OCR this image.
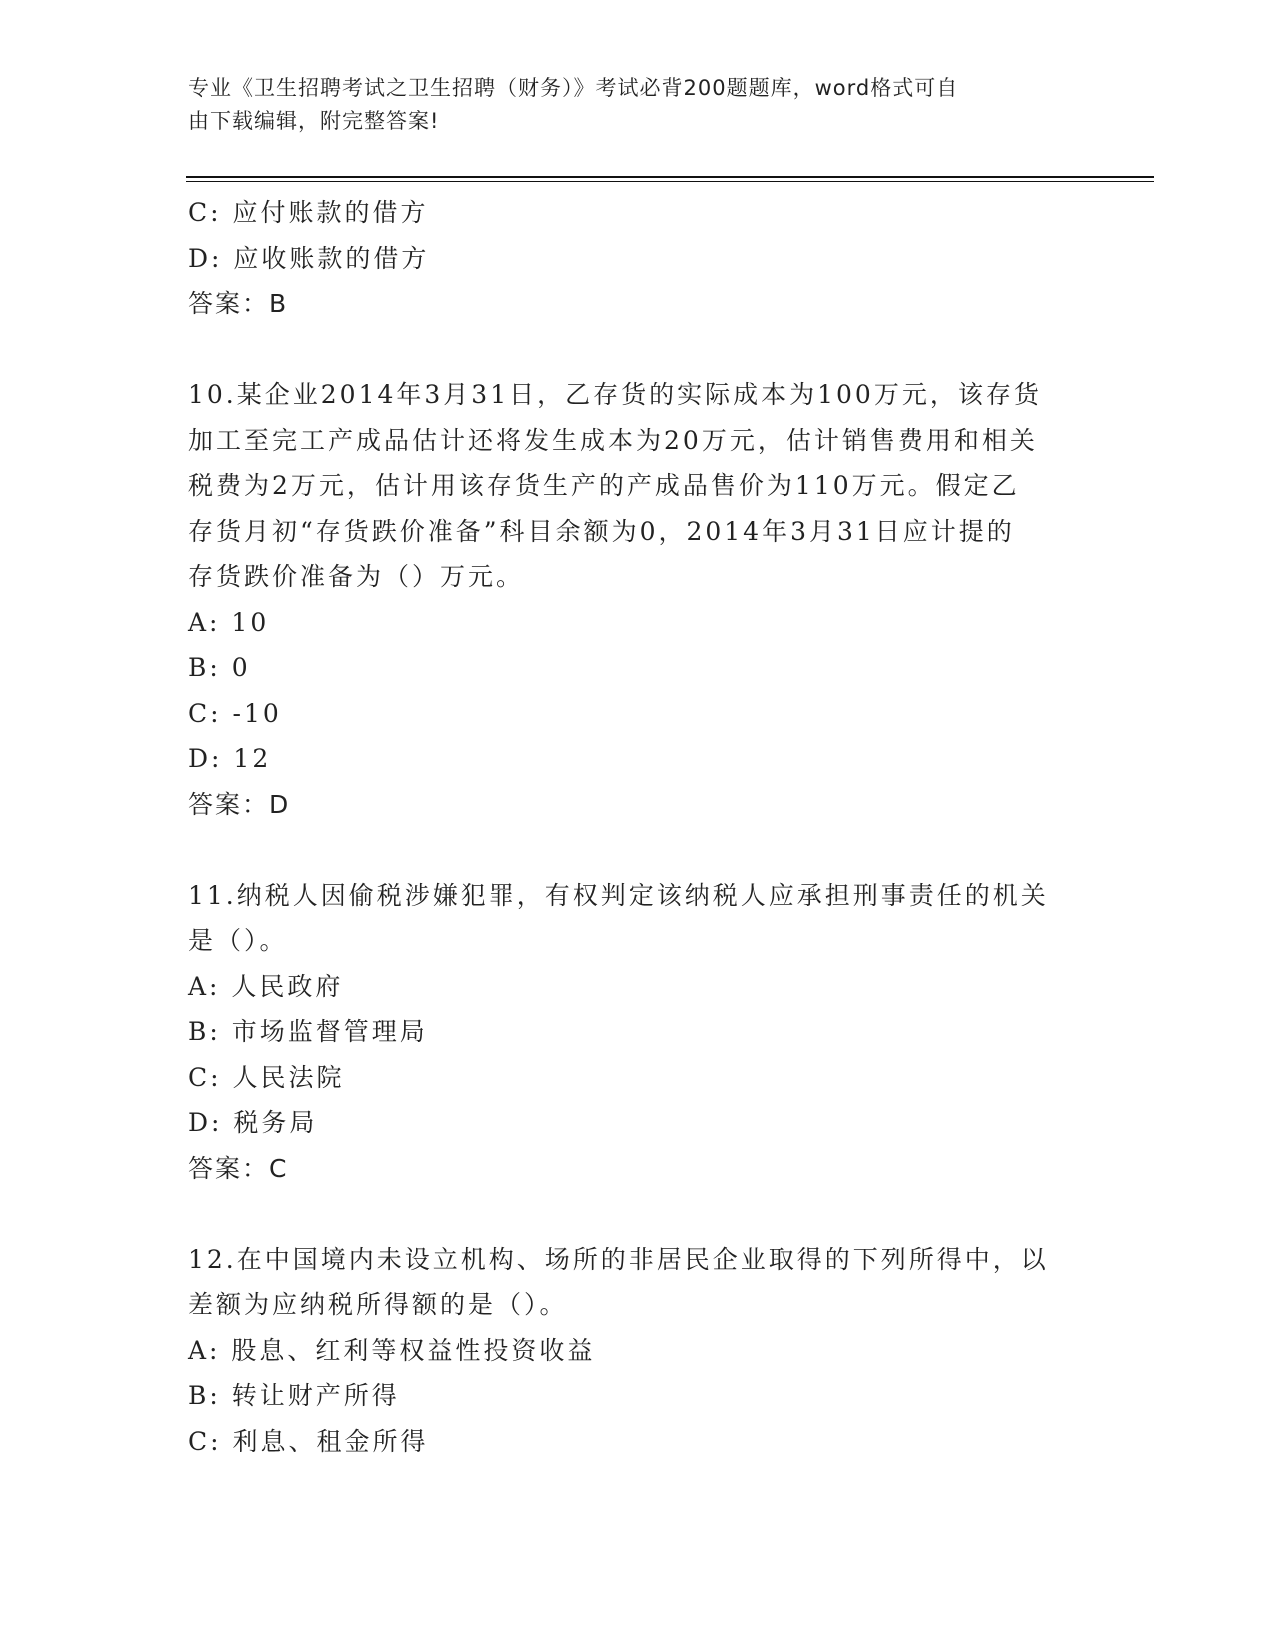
专业《卫生招聘考试之卫生招聘（财务）》考试必背200题题库，word格式可自
由下载编辑，附完整答案!
C: 应付账款的借方
D: 应收账款的借方
答案：B
10.某企业2014年3月31日，乙存货的实际成本为100万元，该存货
加工至完工产成品估计还将发生成本为20万元，估计销售费用和相关
税费为2万元，估计用该存货生产的产成品售价为110万元。假定乙
存货月初“存货跌价准备”科目余额为0，2014年3月31日应计提的
存货跌价准备为（）万元。
A: 10
B: 0
C: -10
D: 12
答案：D
11.纳税人因偷税涉嫌犯罪，有权判定该纳税人应承担刑事责任的机关
是（）。
A: 人民政府
B: 市场监督管理局
C: 人民法院
D: 税务局
答案：C
12.在中国境内未设立机构、场所的非居民企业取得的下列所得中，以
差额为应纳税所得额的是（）。
A: 股息、红利等权益性投资收益
B: 转让财产所得
C: 利息、租金所得
